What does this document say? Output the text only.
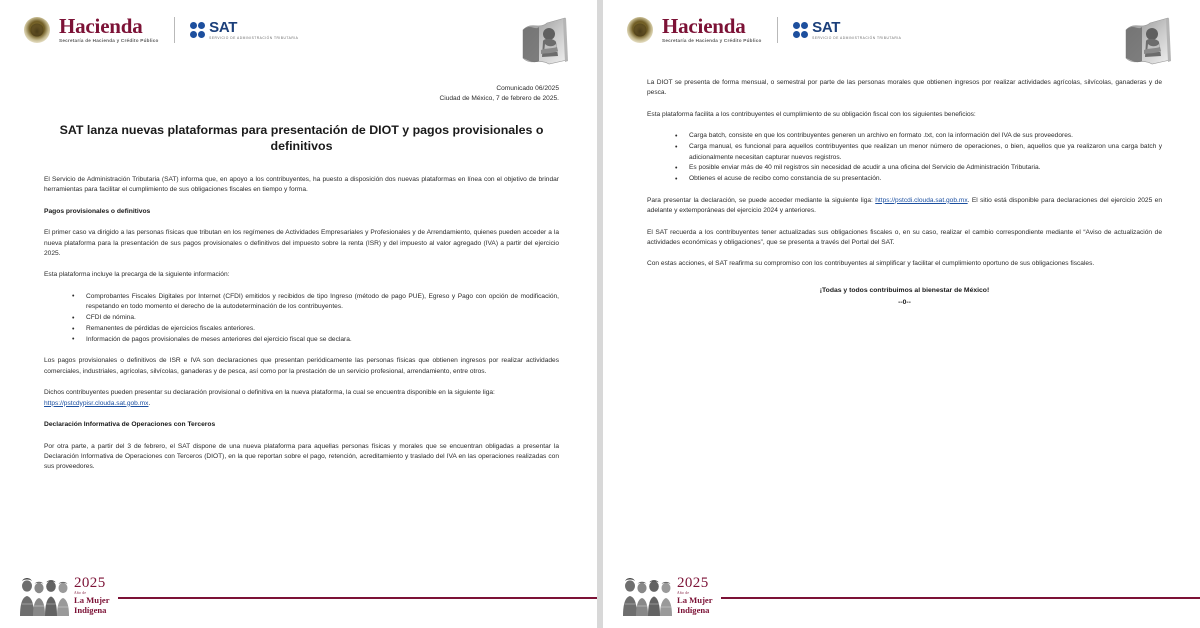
Hacienda
Secretaría de Hacienda y Crédito Público
SAT
SERVICIO DE ADMINISTRACIÓN TRIBUTARIA
Comunicado 06/2025
Ciudad de México, 7 de febrero de 2025.
SAT lanza nuevas plataformas para presentación de DIOT y pagos provisionales o definitivos

El Servicio de Administración Tributaria (SAT) informa que, en apoyo a los contribuyentes, ha puesto a disposición dos nuevas plataformas en línea con el objetivo de brindar herramientas para facilitar el cumplimiento de sus obligaciones fiscales en tiempo y forma.

Pagos provisionales o definitivos

El primer caso va dirigido a las personas físicas que tributan en los regímenes de Actividades Empresariales y Profesionales y de Arrendamiento, quienes pueden acceder a la nueva plataforma para la presentación de sus pagos provisionales o definitivos del impuesto sobre la renta (ISR) y del impuesto al valor agregado (IVA) a partir del ejercicio 2025.

Esta plataforma incluye la precarga de la siguiente información:

• Comprobantes Fiscales Digitales por Internet (CFDI) emitidos y recibidos de tipo Ingreso (método de pago PUE), Egreso y Pago con opción de modificación, respetando en todo momento el derecho de la autodeterminación de los contribuyentes.
• CFDI de nómina.
• Remanentes de pérdidas de ejercicios fiscales anteriores.
• Información de pagos provisionales de meses anteriores del ejercicio fiscal que se declara.

Los pagos provisionales o definitivos de ISR e IVA son declaraciones que presentan periódicamente las personas físicas que obtienen ingresos por realizar actividades comerciales, industriales, agrícolas, silvícolas, ganaderas y de pesca, así como por la prestación de un servicio profesional, arrendamiento, entre otros.

Dichos contribuyentes pueden presentar su declaración provisional o definitiva en la nueva plataforma, la cual se encuentra disponible en la siguiente liga:
https://pstcdypisr.clouda.sat.gob.mx.

Declaración Informativa de Operaciones con Terceros

Por otra parte, a partir del 3 de febrero, el SAT dispone de una nueva plataforma para aquellas personas físicas y morales que se encuentran obligadas a presentar la Declaración Informativa de Operaciones con Terceros (DIOT), en la que reportan sobre el pago, retención, acreditamiento y traslado del IVA en las operaciones realizadas con sus proveedores.

2025
Año de
La Mujer
Indígena
Hacienda
Secretaría de Hacienda y Crédito Público
SAT
SERVICIO DE ADMINISTRACIÓN TRIBUTARIA

La DIOT se presenta de forma mensual, o semestral por parte de las personas morales que obtienen ingresos por realizar actividades agrícolas, silvícolas, ganaderas y de pesca.

Esta plataforma facilita a los contribuyentes el cumplimiento de su obligación fiscal con los siguientes beneficios:

• Carga batch, consiste en que los contribuyentes generen un archivo en formato .txt, con la información del IVA de sus proveedores.
• Carga manual, es funcional para aquellos contribuyentes que realizan un menor número de operaciones, o bien, aquellos que ya realizaron una carga batch y adicionalmente necesitan capturar nuevos registros.
• Es posible enviar más de 40 mil registros sin necesidad de acudir a una oficina del Servicio de Administración Tributaria.
• Obtienes el acuse de recibo como constancia de su presentación.

Para presentar la declaración, se puede acceder mediante la siguiente liga: https://pstcdi.clouda.sat.gob.mx. El sitio está disponible para declaraciones del ejercicio 2025 en adelante y extemporáneas del ejercicio 2024 y anteriores.

El SAT recuerda a los contribuyentes tener actualizadas sus obligaciones fiscales o, en su caso, realizar el cambio correspondiente mediante el “Aviso de actualización de actividades económicas y obligaciones”, que se presenta a través del Portal del SAT.

Con estas acciones, el SAT reafirma su compromiso con los contribuyentes al simplificar y facilitar el cumplimiento oportuno de sus obligaciones fiscales.

¡Todas y todos contribuimos al bienestar de México!
--0--
2025
Año de
La Mujer
Indígena
